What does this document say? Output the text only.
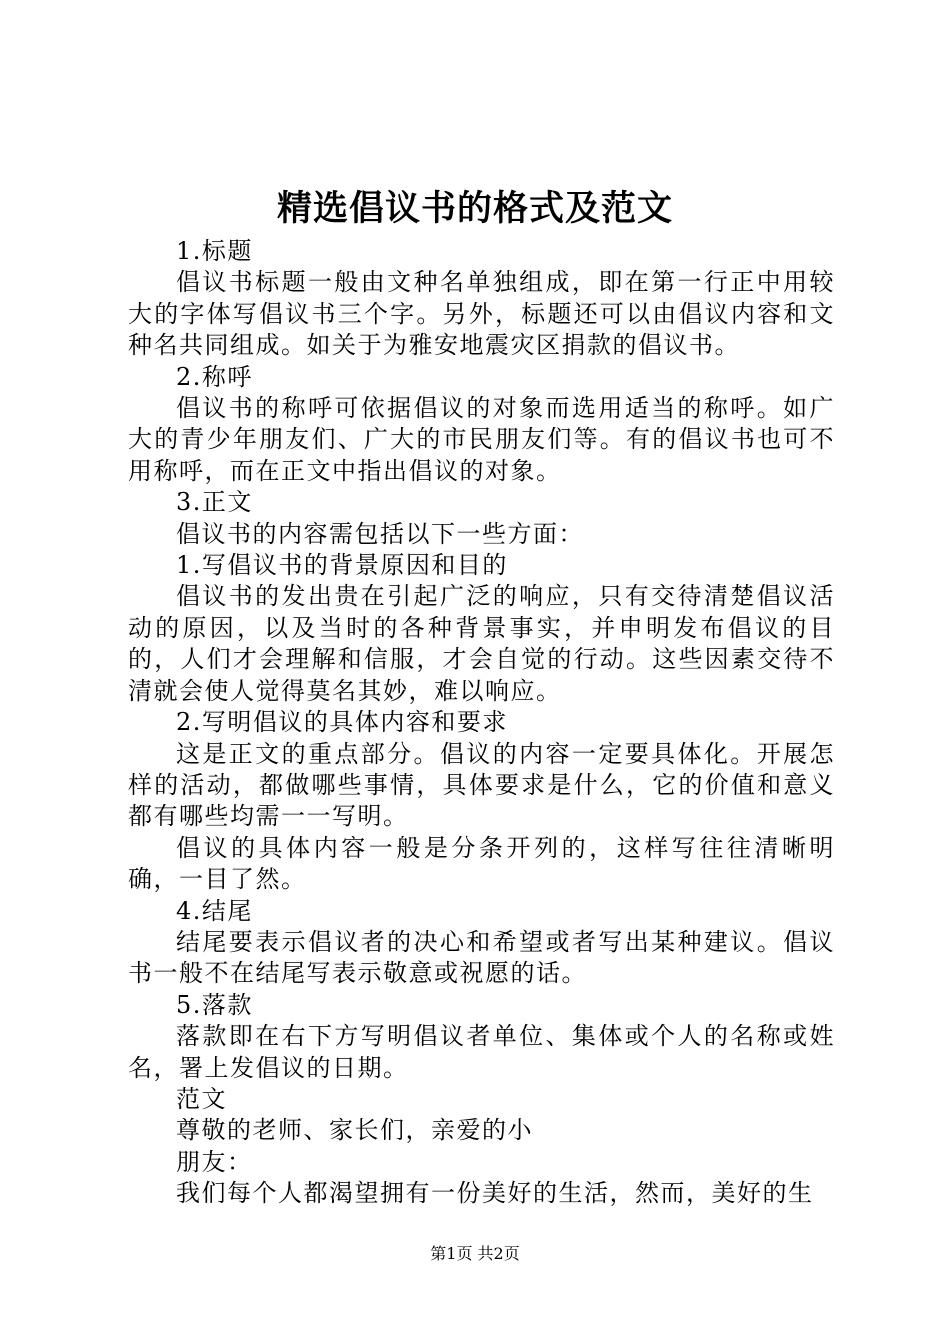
精选倡议书的格式及范文

1.标题

倡议书标题一般由文种名单独组成，即在第一行正中用较大的字体写倡议书三个字。另外，标题还可以由倡议内容和文种名共同组成。如关于为雅安地震灾区捐款的倡议书。

2.称呼

倡议书的称呼可依据倡议的对象而选用适当的称呼。如广大的青少年朋友们、广大的市民朋友们等。有的倡议书也可不用称呼，而在正文中指出倡议的对象。

3.正文

倡议书的内容需包括以下一些方面：

1.写倡议书的背景原因和目的

倡议书的发出贵在引起广泛的响应，只有交待清楚倡议活动的原因，以及当时的各种背景事实，并申明发布倡议的目的，人们才会理解和信服，才会自觉的行动。这些因素交待不清就会使人觉得莫名其妙，难以响应。

2.写明倡议的具体内容和要求

这是正文的重点部分。倡议的内容一定要具体化。开展怎样的活动，都做哪些事情，具体要求是什么，它的价值和意义都有哪些均需一一写明。

倡议的具体内容一般是分条开列的，这样写往往清晰明确，一目了然。

4.结尾

结尾要表示倡议者的决心和希望或者写出某种建议。倡议书一般不在结尾写表示敬意或祝愿的话。

5.落款

落款即在右下方写明倡议者单位、集体或个人的名称或姓名，署上发倡议的日期。

范文

尊敬的老师、家长们，亲爱的小

朋友：

我们每个人都渴望拥有一份美好的生活，然而，美好的生

第1页 共2页
